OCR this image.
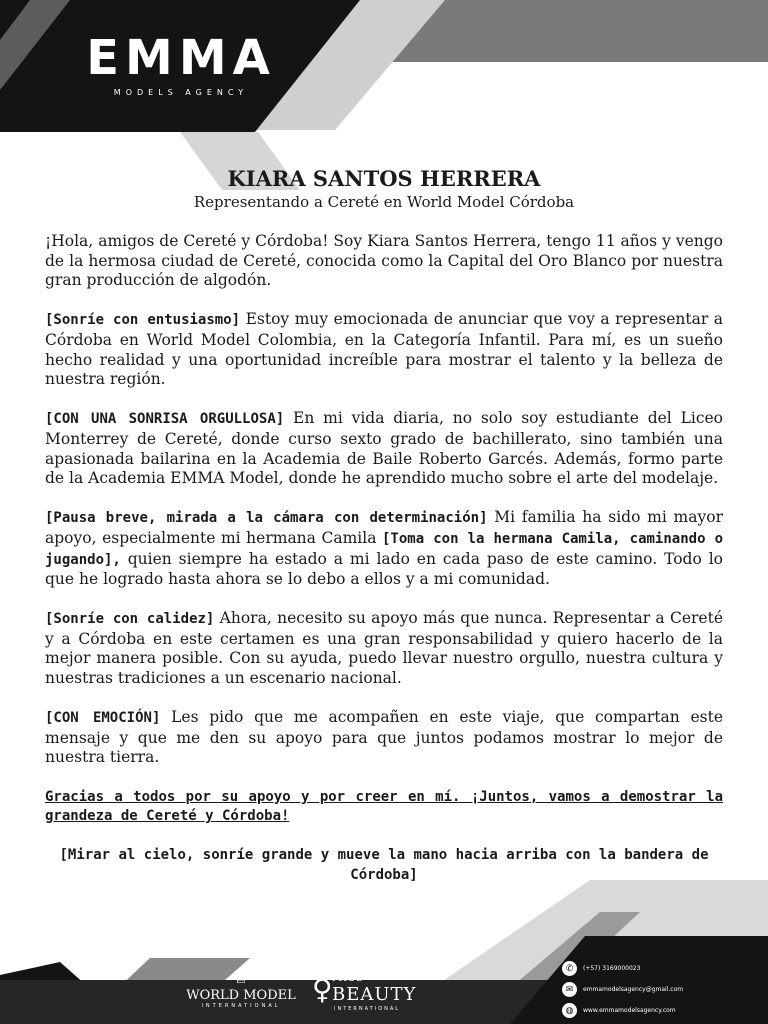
EMMA
MODELS AGENCY
KIARA SANTOS HERRERA
Representando a Cereté en World Model Córdoba

¡Hola, amigos de Cereté y Córdoba! Soy Kiara Santos Herrera, tengo 11 años y vengo de la hermosa ciudad de Cereté, conocida como la Capital del Oro Blanco por nuestra gran producción de algodón.

[Sonríe con entusiasmo] Estoy muy emocionada de anunciar que voy a representar a Córdoba en World Model Colombia, en la Categoría Infantil. Para mí, es un sueño hecho realidad y una oportunidad increíble para mostrar el talento y la belleza de nuestra región.

[CON UNA SONRISA ORGULLOSA] En mi vida diaria, no solo soy estudiante del Liceo Monterrey de Cereté, donde curso sexto grado de bachillerato, sino también una apasionada bailarina en la Academia de Baile Roberto Garcés. Además, formo parte de la Academia EMMA Model, donde he aprendido mucho sobre el arte del modelaje.

[Pausa breve, mirada a la cámara con determinación] Mi familia ha sido mi mayor apoyo, especialmente mi hermana Camila [Toma con la hermana Camila, caminando o jugando], quien siempre ha estado a mi lado en cada paso de este camino. Todo lo que he logrado hasta ahora se lo debo a ellos y a mi comunidad.

[Sonríe con calidez] Ahora, necesito su apoyo más que nunca. Representar a Cereté y a Córdoba en este certamen es una gran responsabilidad y quiero hacerlo de la mejor manera posible. Con su ayuda, puedo llevar nuestro orgullo, nuestra cultura y nuestras tradiciones a un escenario nacional.

[CON EMOCIÓN] Les pido que me acompañen en este viaje, que compartan este mensaje y que me den su apoyo para que juntos podamos mostrar lo mejor de nuestra tierra.

Gracias a todos por su apoyo y por creer en mí. ¡Juntos, vamos a demostrar la grandeza de Cereté y Córdoba!

[Mirar al cielo, sonríe grande y mueve la mano hacia arriba con la bandera de Córdoba]

♕
WORLD MODEL
INTERNATIONAL	♀ MISS
BEAUTY
INTERNATIONAL
✆	(+57) 3169000023
✉	emmamodelsagency@gmail.com
◍	www.emmamodelsagency.com
